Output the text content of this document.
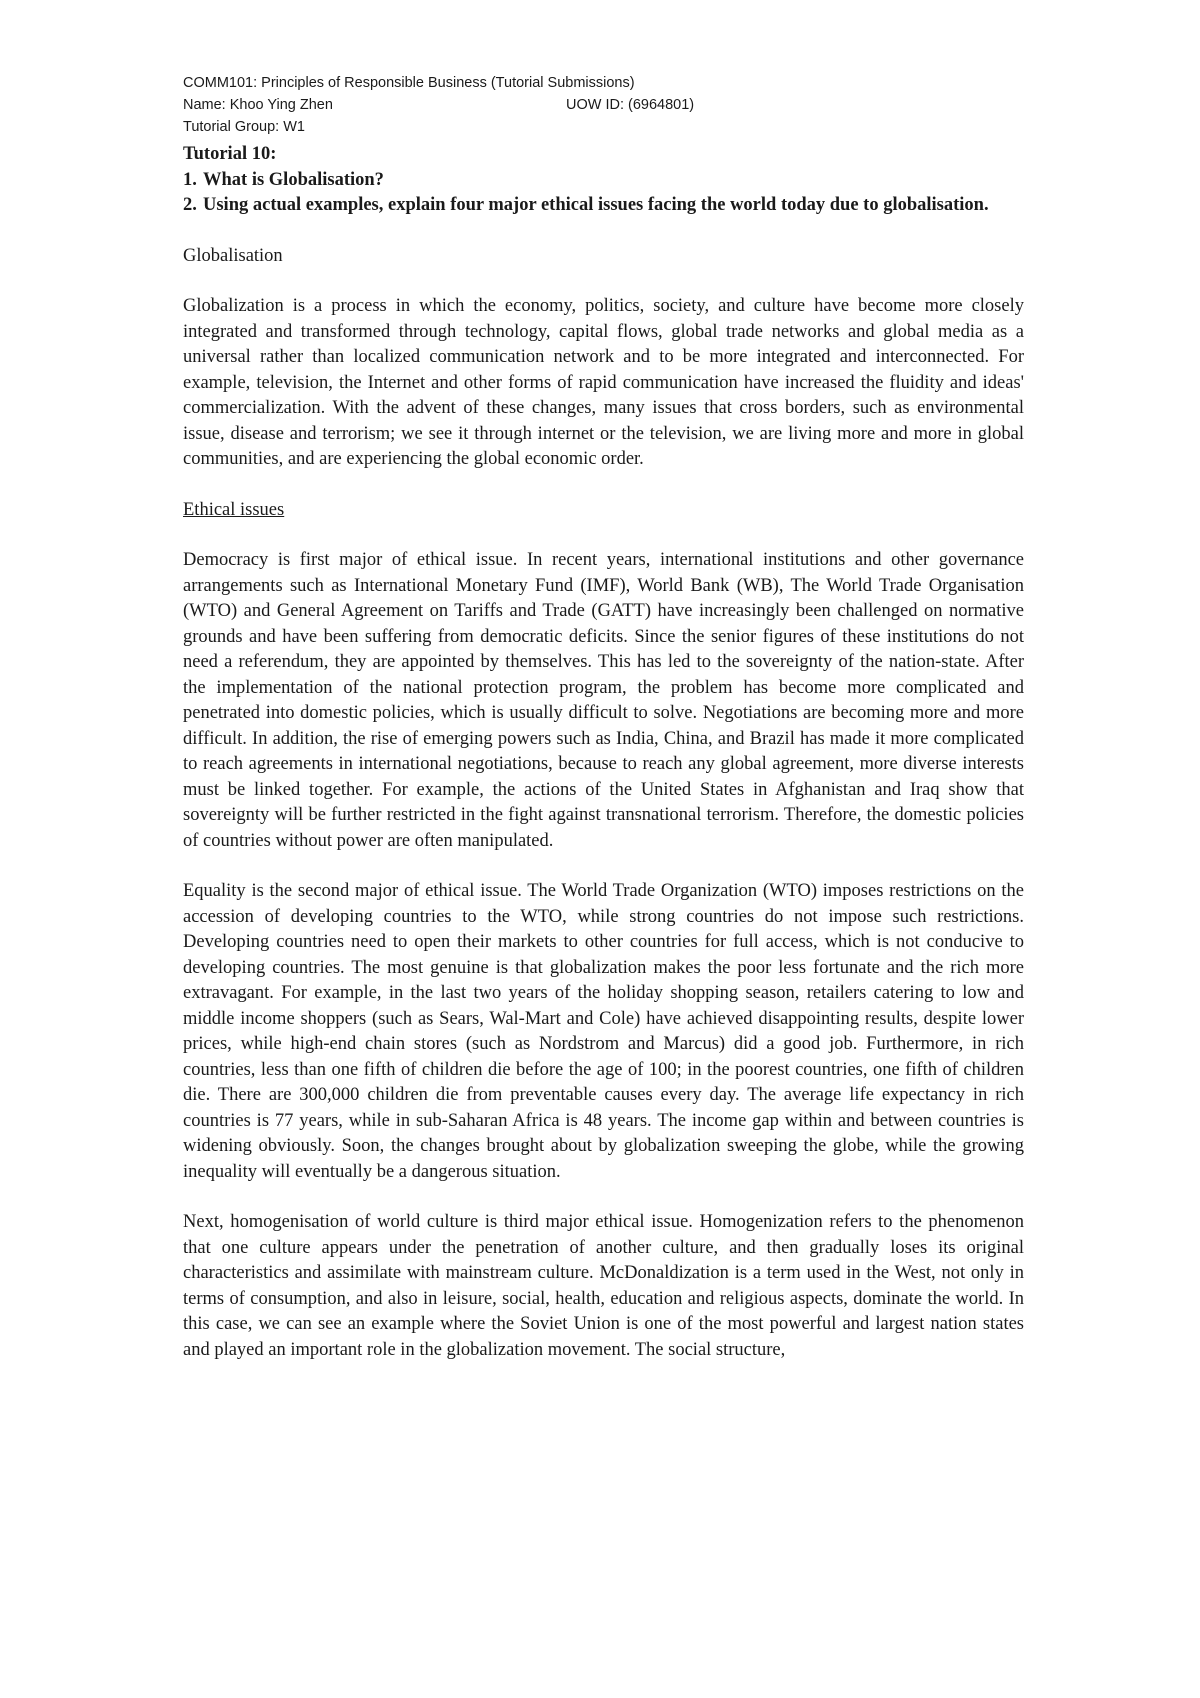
COMM101: Principles of Responsible Business (Tutorial Submissions)
Name: Khoo Ying Zhen	UOW ID: (6964801)
Tutorial Group: W1
Tutorial 10:
1. What is Globalisation?
2. Using actual examples, explain four major ethical issues facing the world today due to globalisation.
Globalisation

Globalization is a process in which the economy, politics, society, and culture have become more closely integrated and transformed through technology, capital flows, global trade networks and global media as a universal rather than localized communication network and to be more integrated and interconnected. For example, television, the Internet and other forms of rapid communication have increased the fluidity and ideas' commercialization. With the advent of these changes, many issues that cross borders, such as environmental issue, disease and terrorism; we see it through internet or the television, we are living more and more in global communities, and are experiencing the global economic order.

Ethical issues

Democracy is first major of ethical issue. In recent years, international institutions and other governance arrangements such as International Monetary Fund (IMF), World Bank (WB), The World Trade Organisation (WTO) and General Agreement on Tariffs and Trade (GATT) have increasingly been challenged on normative grounds and have been suffering from democratic deficits. Since the senior figures of these institutions do not need a referendum, they are appointed by themselves. This has led to the sovereignty of the nation-state. After the implementation of the national protection program, the problem has become more complicated and penetrated into domestic policies, which is usually difficult to solve. Negotiations are becoming more and more difficult. In addition, the rise of emerging powers such as India, China, and Brazil has made it more complicated to reach agreements in international negotiations, because to reach any global agreement, more diverse interests must be linked together. For example, the actions of the United States in Afghanistan and Iraq show that sovereignty will be further restricted in the fight against transnational terrorism. Therefore, the domestic policies of countries without power are often manipulated.

Equality is the second major of ethical issue. The World Trade Organization (WTO) imposes restrictions on the accession of developing countries to the WTO, while strong countries do not impose such restrictions. Developing countries need to open their markets to other countries for full access, which is not conducive to developing countries. The most genuine is that globalization makes the poor less fortunate and the rich more extravagant. For example, in the last two years of the holiday shopping season, retailers catering to low and middle income shoppers (such as Sears, Wal-Mart and Cole) have achieved disappointing results, despite lower prices, while high-end chain stores (such as Nordstrom and Marcus) did a good job. Furthermore, in rich countries, less than one fifth of children die before the age of 100; in the poorest countries, one fifth of children die. There are 300,000 children die from preventable causes every day. The average life expectancy in rich countries is 77 years, while in sub-Saharan Africa is 48 years. The income gap within and between countries is widening obviously. Soon, the changes brought about by globalization sweeping the globe, while the growing inequality will eventually be a dangerous situation.

Next, homogenisation of world culture is third major ethical issue. Homogenization refers to the phenomenon that one culture appears under the penetration of another culture, and then gradually loses its original characteristics and assimilate with mainstream culture. McDonaldization is a term used in the West, not only in terms of consumption, and also in leisure, social, health, education and religious aspects, dominate the world. In this case, we can see an example where the Soviet Union is one of the most powerful and largest nation states and played an important role in the globalization movement. The social structure,
